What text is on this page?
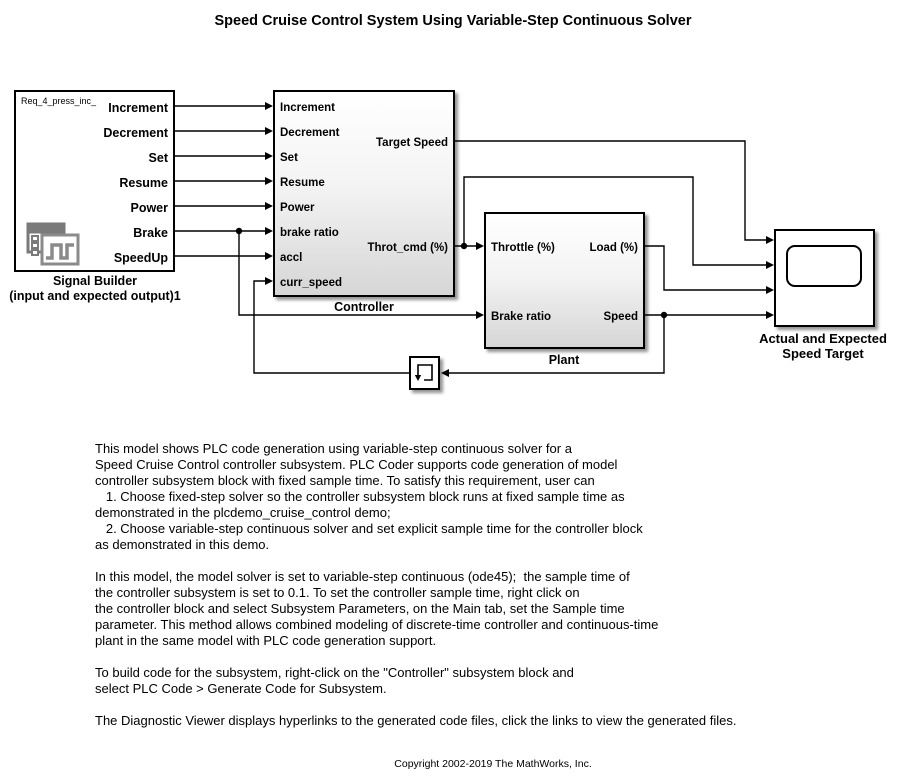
Speed Cruise Control System Using Variable-Step Continuous Solver
Req_4_press_inc_ Increment
Decrement
Set
Resume
Power
Brake
SpeedUp
Signal Builder
(input and expected output)1
Increment
Decrement
Set
Resume
Power
brake ratio
accl
curr_speed
Target Speed
Throt_cmd (%)
Controller
Throttle (%)
Brake ratio
Load (%)
Speed
Plant
Actual and Expected
Speed Target
This model shows PLC code generation using variable-step continuous solver for a
Speed Cruise Control controller subsystem. PLC Coder supports code generation of model
controller subsystem block with fixed sample time. To satisfy this requirement, user can
1. Choose fixed-step solver so the controller subsystem block runs at fixed sample time as
demonstrated in the plcdemo_cruise_control demo;
2. Choose variable-step continuous solver and set explicit sample time for the controller block
as demonstrated in this demo.
In this model, the model solver is set to variable-step continuous (ode45);  the sample time of
the controller subsystem is set to 0.1. To set the controller sample time, right click on
the controller block and select Subsystem Parameters, on the Main tab, set the Sample time
parameter. This method allows combined modeling of discrete-time controller and continuous-time
plant in the same model with PLC code generation support.
To build code for the subsystem, right-click on the "Controller" subsystem block and
select PLC Code > Generate Code for Subsystem.
The Diagnostic Viewer displays hyperlinks to the generated code files, click the links to view the generated files.
Copyright 2002-2019 The MathWorks, Inc.
